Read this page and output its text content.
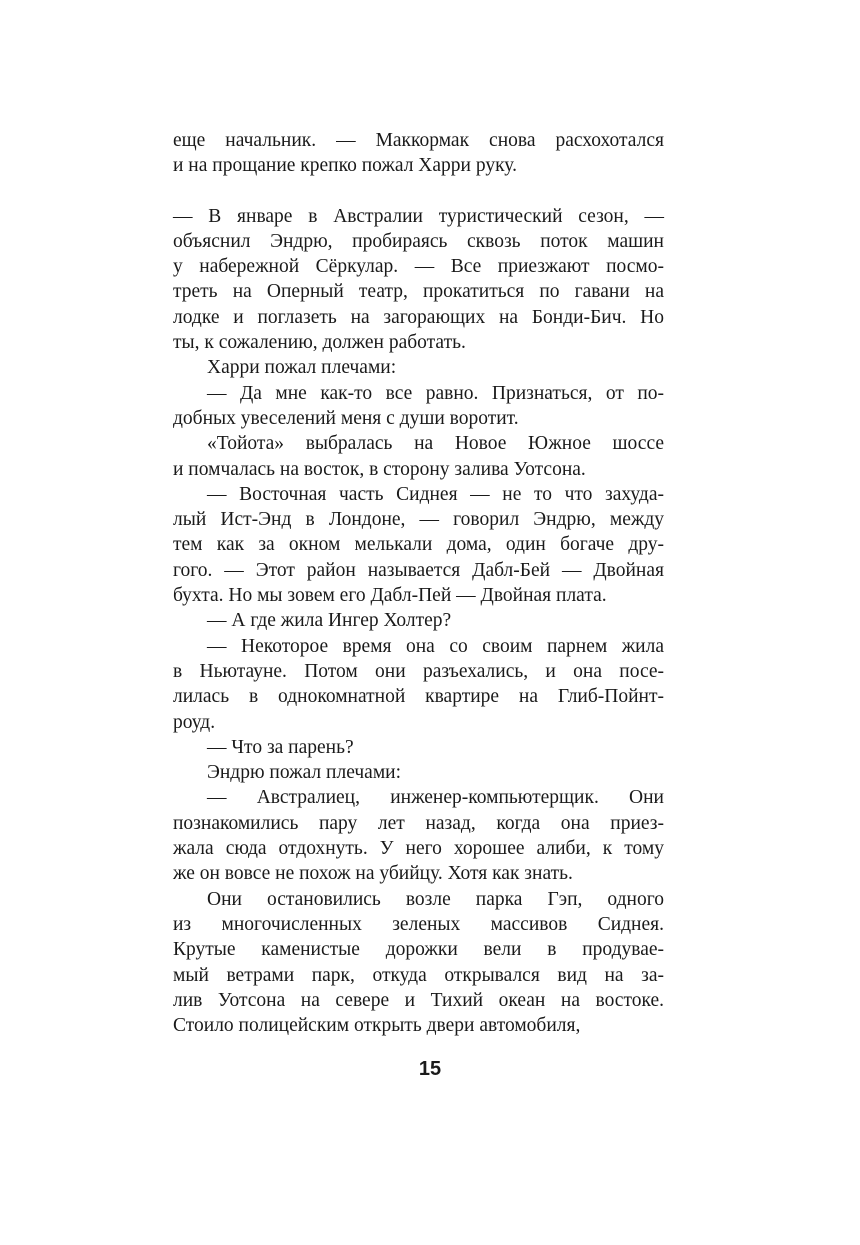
еще начальник. — Маккормак снова расхохотался
и на прощание крепко пожал Харри руку.
— В январе в Австралии туристический сезон, —
объяснил Эндрю, пробираясь сквозь поток машин
у набережной Сёркулар. — Все приезжают посмо-
треть на Оперный театр, прокатиться по гавани на
лодке и поглазеть на загорающих на Бонди-Бич. Но
ты, к сожалению, должен работать.
Харри пожал плечами:
— Да мне как-то все равно. Признаться, от по-
добных увеселений меня с души воротит.
«Тойота» выбралась на Новое Южное шоссе
и помчалась на восток, в сторону залива Уотсона.
— Восточная часть Сиднея — не то что захуда-
лый Ист-Энд в Лондоне, — говорил Эндрю, между
тем как за окном мелькали дома, один богаче дру-
гого. — Этот район называется Дабл-Бей — Двойная
бухта. Но мы зовем его Дабл-Пей — Двойная плата.
— А где жила Ингер Холтер?
— Некоторое время она со своим парнем жила
в Ньютауне. Потом они разъехались, и она посе-
лилась в однокомнатной квартире на Глиб-Пойнт-
роуд.
— Что за парень?
Эндрю пожал плечами:
— Австралиец, инженер-компьютерщик. Они
познакомились пару лет назад, когда она приез-
жала сюда отдохнуть. У него хорошее алиби, к тому
же он вовсе не похож на убийцу. Хотя как знать.
Они остановились возле парка Гэп, одного
из многочисленных зеленых массивов Сиднея.
Крутые каменистые дорожки вели в продувае-
мый ветрами парк, откуда открывался вид на за-
лив Уотсона на севере и Тихий океан на востоке.
Стоило полицейским открыть двери автомобиля,
15
